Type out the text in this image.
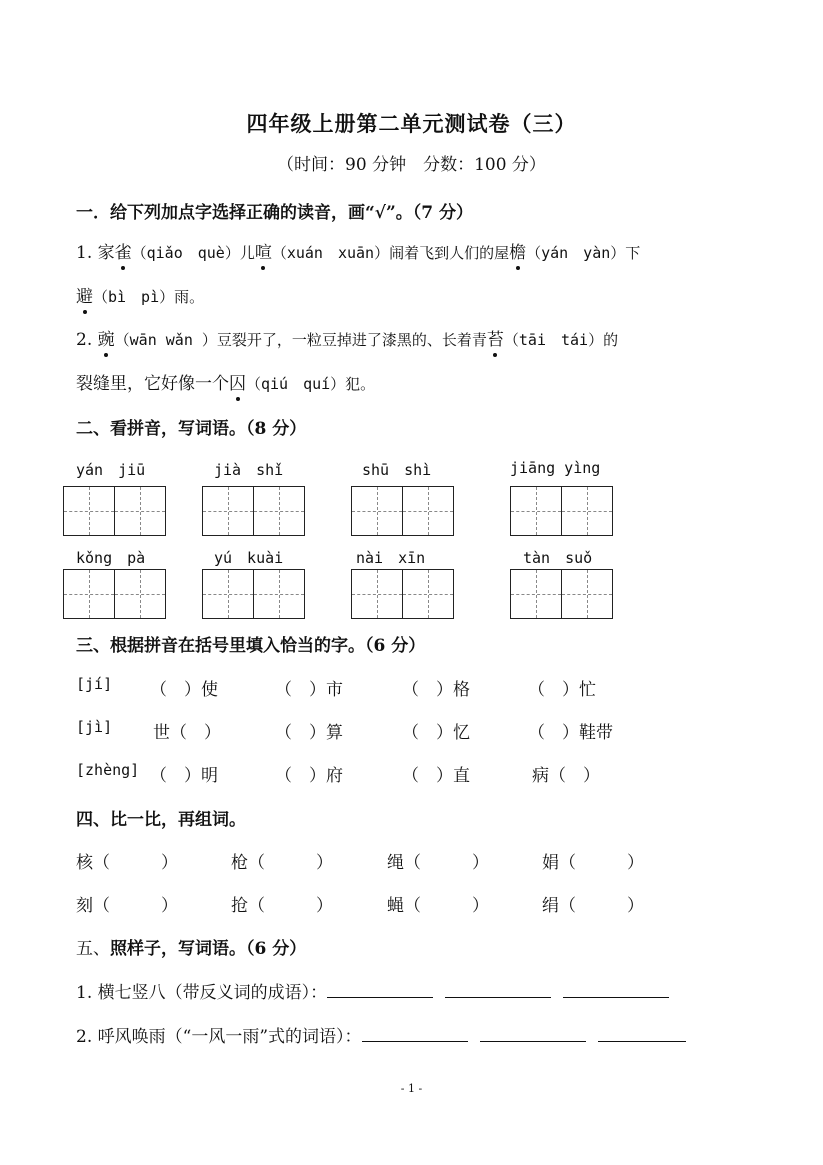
四年级上册第二单元测试卷（三）
（时间：90 分钟　分数：100 分）
一．给下列加点字选择正确的读音，画“√”。（7 分）
1. 家雀（qiǎo　què）儿喧（xuán　xuān）闹着飞到人们的屋檐（yán　yàn）下
避（bì　pì）雨。
2. 豌（wān wǎn ）豆裂开了，一粒豆掉进了漆黑的、长着青苔（tāi　tái）的
裂缝里，它好像一个囚（qiú　quí）犯。
二、看拼音，写词语。（8 分）
yán　jiū	jià　shǐ	shū　shì	jiāng yìng
kǒng　pà	yú　kuài	nài　xīn	tàn　suǒ
三、根据拼音在括号里填入恰当的字。（6 分）
[jí] （　）使	（　）市	（　）格	（　）忙
[jì] 世（　）	（　）算	（　）忆	（　）鞋带
[zhèng] （　）明	（　）府	（　）直	病（　）
四、比一比，再组词。
核（　　　）	枪（　　　）	绳（　　　）	娟（　　　）
刻（　　　）	抢（　　　）	蝇（　　　）	绢（　　　）
五、照样子，写词语。（6 分）
1. 横七竖八（带反义词的成语）：
2. 呼风唤雨（“一风一雨”式的词语）：
- 1 -
